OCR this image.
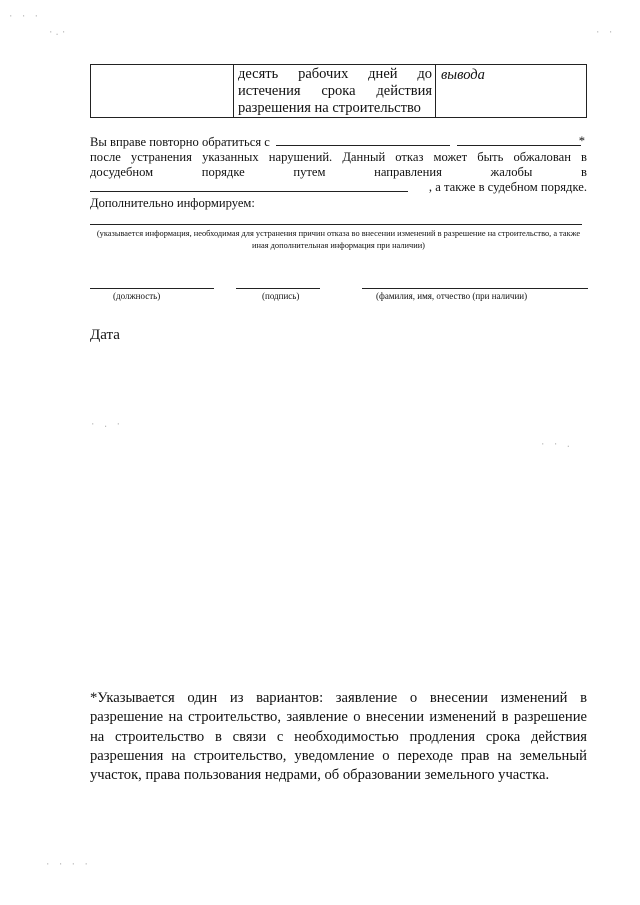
	десять рабочих дней до истечения срока действия разрешения на строительство	вывода
Вы вправе повторно обратиться с	*
после устранения указанных нарушений. Данный отказ может быть обжалован в
досудебном	порядке	путем	направления	жалобы	в
, а также в судебном порядке.
Дополнительно информируем:
(указывается информация, необходимая для устранения причин отказа во внесении изменений в разрешение на строительство, а также иная дополнительная информация при наличии)
(должность)	(подпись)	(фамилия, имя, отчество (при наличии)
Дата
*Указывается один из вариантов: заявление о внесении изменений в разрешение на строительство, заявление о внесении изменений в разрешение на строительство в связи с необходимостью продления срока действия разрешения на строительство, уведомление о переходе прав на земельный участок, права пользования недрами, об образовании земельного участка.
· · ·
·.·	· ·
· . ·
· · .
· · · ·
